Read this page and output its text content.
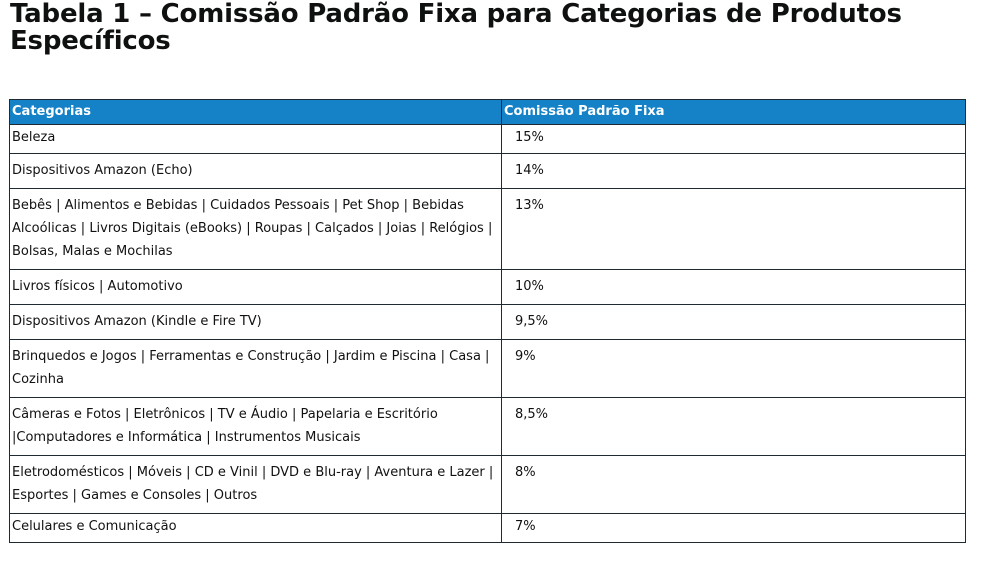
Tabela 1 – Comissão Padrão Fixa para Categorias de Produtos Específicos
Categorias	Comissão Padrão Fixa
Beleza	15%
Dispositivos Amazon (Echo)	14%
Bebês | Alimentos e Bebidas | Cuidados Pessoais | Pet Shop | Bebidas Alcoólicas | Livros Digitais (eBooks) | Roupas | Calçados | Joias | Relógios | Bolsas, Malas e Mochilas	13%
Livros físicos | Automotivo	10%
Dispositivos Amazon (Kindle e Fire TV)	9,5%
Brinquedos e Jogos | Ferramentas e Construção | Jardim e Piscina | Casa | Cozinha	9%
Câmeras e Fotos | Eletrônicos | TV e Áudio | Papelaria e Escritório |Computadores e Informática | Instrumentos Musicais	8,5%
Eletrodomésticos | Móveis | CD e Vinil | DVD e Blu-ray | Aventura e Lazer | Esportes | Games e Consoles | Outros	8%
Celulares e Comunicação	7%
